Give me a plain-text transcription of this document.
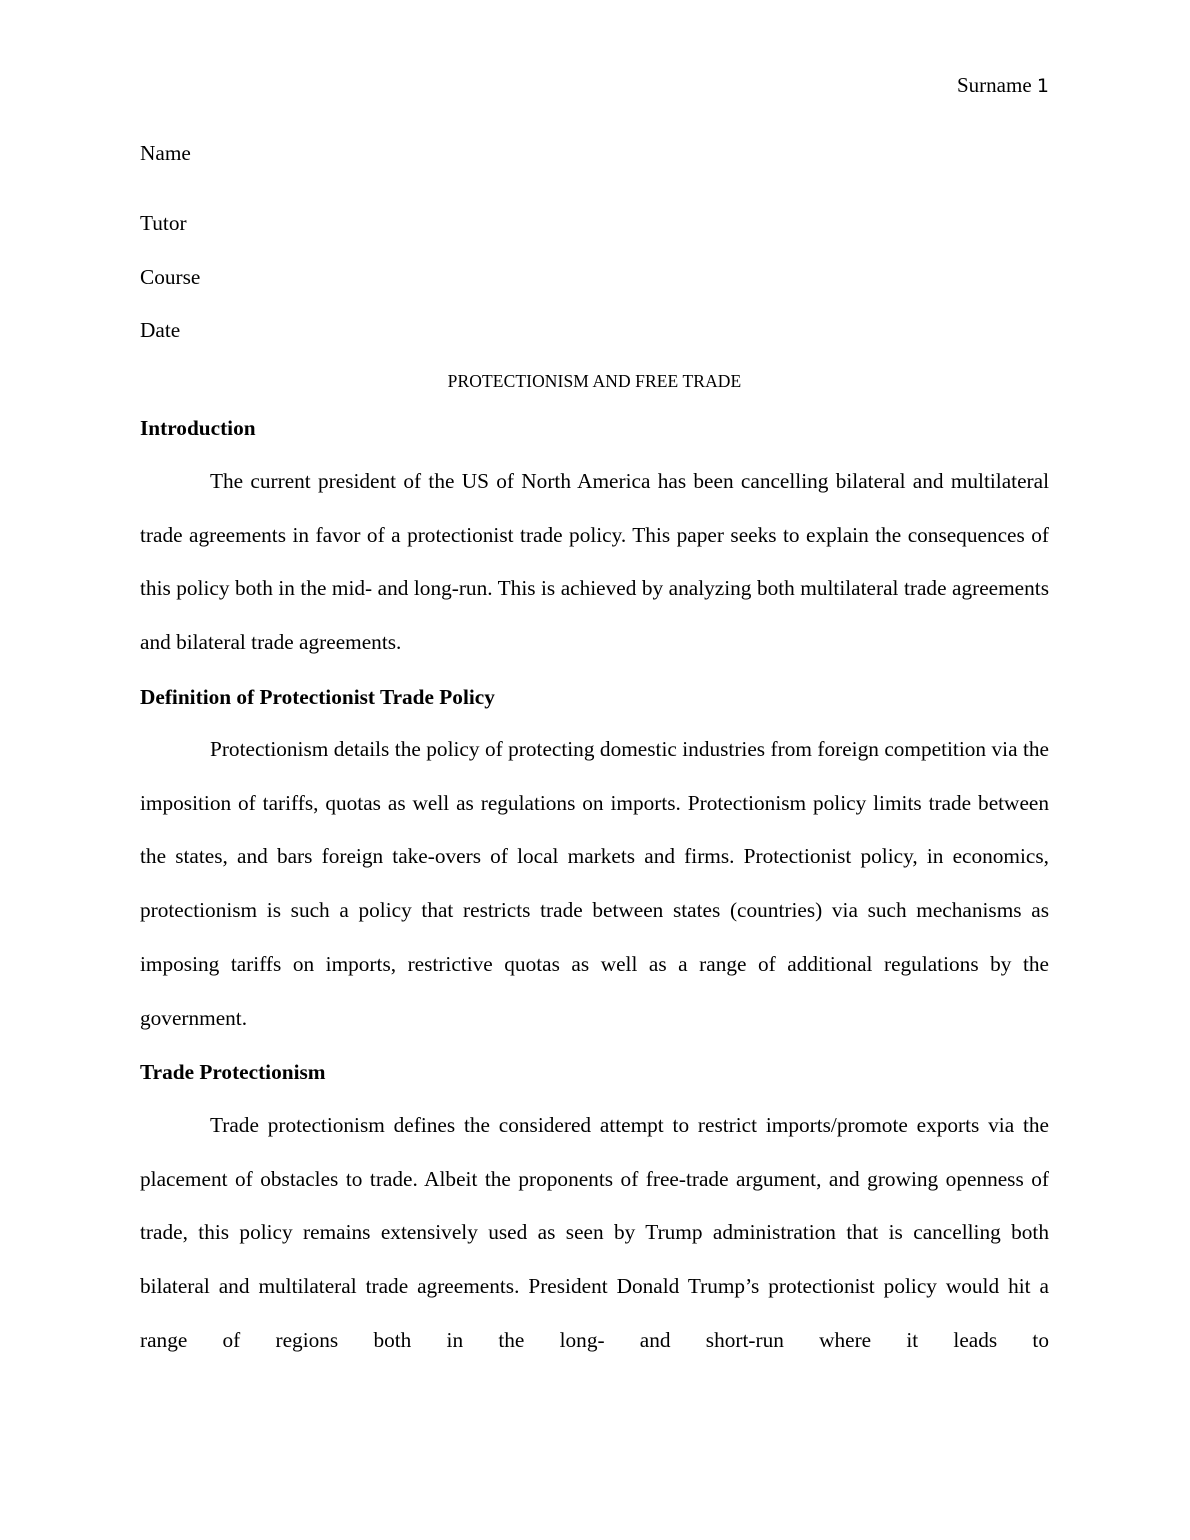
Surname 1

Name

Tutor

Course

Date

PROTECTIONISM AND FREE TRADE

Introduction

The current president of the US of North America has been cancelling bilateral and multilateral trade agreements in favor of a protectionist trade policy. This paper seeks to explain the consequences of this policy both in the mid- and long-run. This is achieved by analyzing both multilateral trade agreements and bilateral trade agreements.

Definition of Protectionist Trade Policy

Protectionism details the policy of protecting domestic industries from foreign competition via the imposition of tariffs, quotas as well as regulations on imports. Protectionism policy limits trade between the states, and bars foreign take-overs of local markets and firms. Protectionist policy, in economics, protectionism is such a policy that restricts trade between states (countries) via such mechanisms as imposing tariffs on imports, restrictive quotas as well as a range of additional regulations by the government.

Trade Protectionism

Trade protectionism defines the considered attempt to restrict imports/promote exports via the placement of obstacles to trade. Albeit the proponents of free-trade argument, and growing openness of trade, this policy remains extensively used as seen by Trump administration that is cancelling both bilateral and multilateral trade agreements. President Donald Trump’s protectionist policy would hit a range of regions both in the long- and short-run where it leads to
